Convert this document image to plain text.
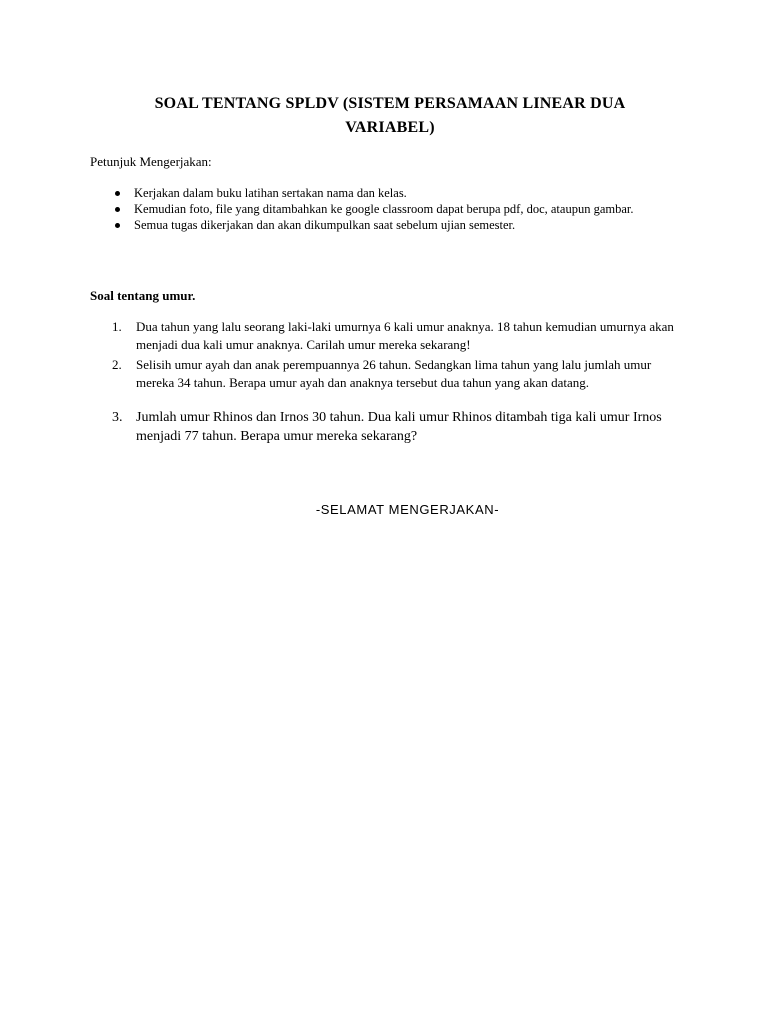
SOAL TENTANG SPLDV (SISTEM PERSAMAAN LINEAR DUA VARIABEL)
Petunjuk Mengerjakan:
Kerjakan dalam buku latihan sertakan nama dan kelas.
Kemudian foto, file yang ditambahkan ke google classroom dapat berupa pdf, doc, ataupun gambar.
Semua tugas dikerjakan dan akan dikumpulkan saat sebelum ujian semester.
Soal tentang umur.
1. Dua tahun yang lalu seorang laki-laki umurnya 6 kali umur anaknya. 18 tahun kemudian umurnya akan menjadi dua kali umur anaknya. Carilah umur mereka sekarang!
2. Selisih umur ayah dan anak perempuannya 26 tahun. Sedangkan lima tahun yang lalu jumlah umur mereka 34 tahun. Berapa umur ayah dan anaknya tersebut dua tahun yang akan datang.
3. Jumlah umur Rhinos dan Irnos 30 tahun. Dua kali umur Rhinos ditambah tiga kali umur Irnos menjadi 77 tahun. Berapa umur mereka sekarang?
-SELAMAT MENGERJAKAN-
